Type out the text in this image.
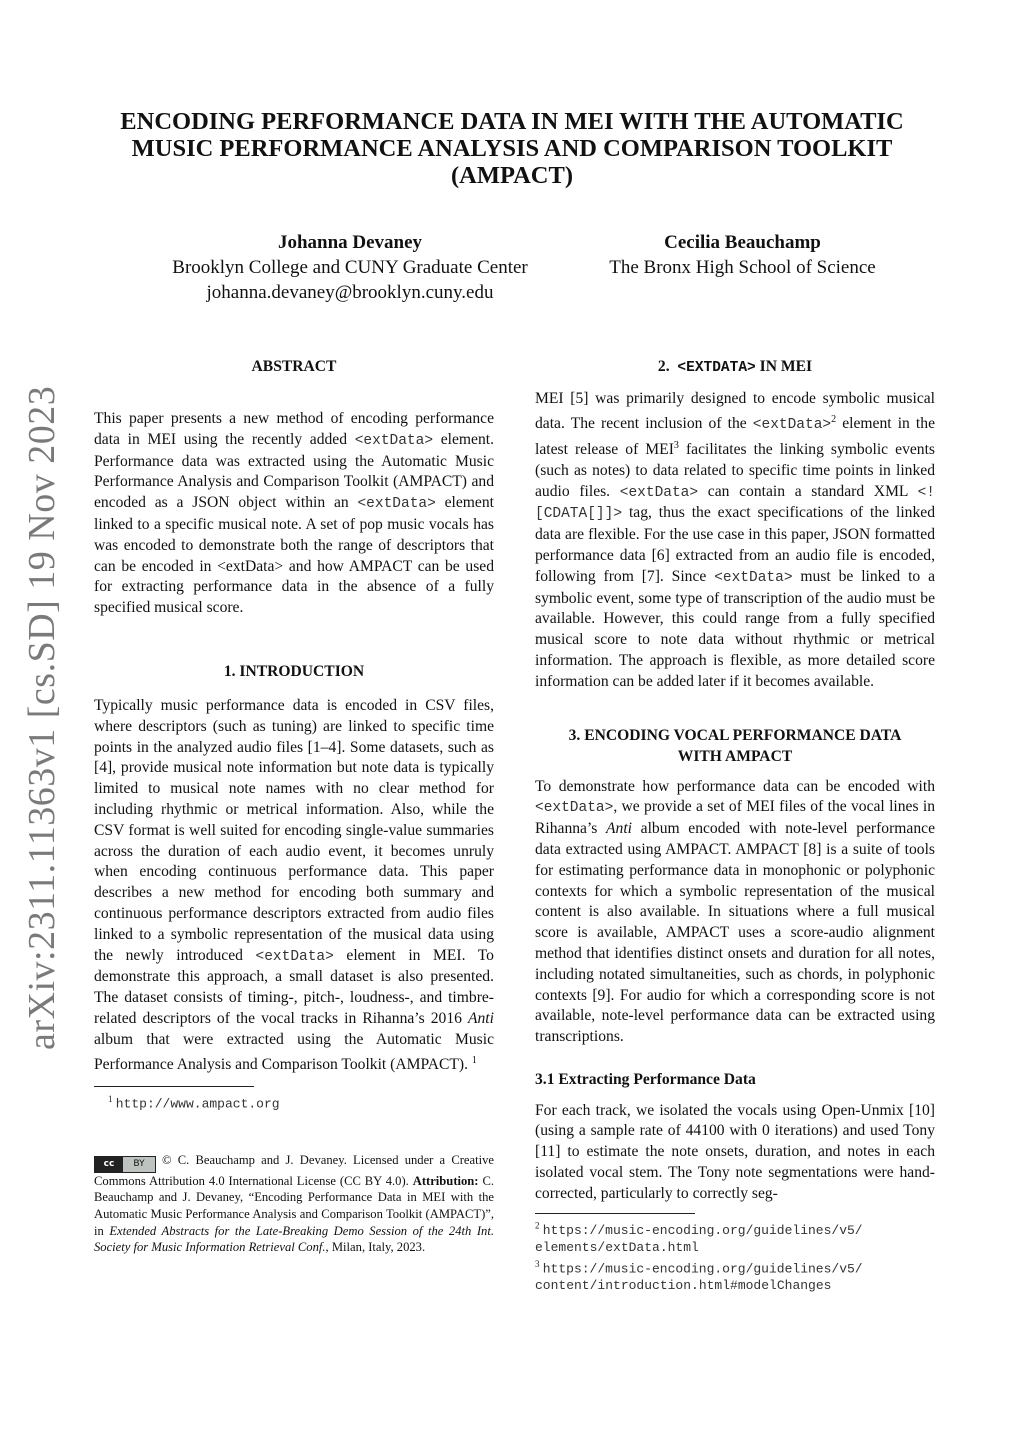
arXiv:2311.11363v1 [cs.SD] 19 Nov 2023
ENCODING PERFORMANCE DATA IN MEI WITH THE AUTOMATIC
MUSIC PERFORMANCE ANALYSIS AND COMPARISON TOOLKIT
(AMPACT)
Johanna Devaney
Brooklyn College and CUNY Graduate Center
johanna.devaney@brooklyn.cuny.edu
Cecilia Beauchamp
The Bronx High School of Science
ABSTRACT

This paper presents a new method of encoding performance data in MEI using the recently added <extData> element. Performance data was extracted using the Automatic Music Performance Analysis and Comparison Toolkit (AMPACT) and encoded as a JSON object within an <extData> element linked to a specific musical note. A set of pop music vocals has was encoded to demonstrate both the range of descriptors that can be encoded in <extData> and how AMPACT can be used for extracting performance data in the absence of a fully specified musical score.

1. INTRODUCTION

Typically music performance data is encoded in CSV files, where descriptors (such as tuning) are linked to specific time points in the analyzed audio files [1–4]. Some datasets, such as [4], provide musical note information but note data is typically limited to musical note names with no clear method for including rhythmic or metrical information. Also, while the CSV format is well suited for encoding single-value summaries across the duration of each audio event, it becomes unruly when encoding continuous performance data. This paper describes a new method for encoding both summary and continuous performance descriptors extracted from audio files linked to a symbolic representation of the musical data using the newly introduced <extData> element in MEI. To demonstrate this approach, a small dataset is also presented. The dataset consists of timing-, pitch-, loudness-, and timbre-related descriptors of the vocal tracks in Rihanna’s 2016 Anti album that were extracted using the Automatic Music Performance Analysis and Comparison Toolkit (AMPACT). $^1$

$^1$ http://www.ampact.org

cc	BY	© C. Beauchamp and J. Devaney. Licensed under a Creative Commons Attribution 4.0 International License (CC BY 4.0). Attribution: C. Beauchamp and J. Devaney, “Encoding Performance Data in MEI with the Automatic Music Performance Analysis and Comparison Toolkit (AMPACT)”, in Extended Abstracts for the Late-Breaking Demo Session of the 24th Int. Society for Music Information Retrieval Conf., Milan, Italy, 2023.

2. <EXTDATA> IN MEI

MEI [5] was primarily designed to encode symbolic musical data. The recent inclusion of the <extData>$^2$ element in the latest release of MEI$^3$ facilitates the linking symbolic events (such as notes) to data related to specific time points in linked audio files. <extData> can contain a standard XML <![CDATA[]]> tag, thus the exact specifications of the linked data are flexible. For the use case in this paper, JSON formatted performance data [6] extracted from an audio file is encoded, following from [7]. Since <extData> must be linked to a symbolic event, some type of transcription of the audio must be available. However, this could range from a fully specified musical score to note data without rhythmic or metrical information. The approach is flexible, as more detailed score information can be added later if it becomes available.

3. ENCODING VOCAL PERFORMANCE DATA
WITH AMPACT

To demonstrate how performance data can be encoded with <extData>, we provide a set of MEI files of the vocal lines in Rihanna’s Anti album encoded with note-level performance data extracted using AMPACT. AMPACT [8] is a suite of tools for estimating performance data in monophonic or polyphonic contexts for which a symbolic representation of the musical content is also available. In situations where a full musical score is available, AMPACT uses a score-audio alignment method that identifies distinct onsets and duration for all notes, including notated simultaneities, such as chords, in polyphonic contexts [9]. For audio for which a corresponding score is not available, note-level performance data can be extracted using transcriptions.

3.1 Extracting Performance Data

For each track, we isolated the vocals using Open-Unmix [10] (using a sample rate of 44100 with 0 iterations) and used Tony [11] to estimate the note onsets, duration, and notes in each isolated vocal stem. The Tony note segmentations were hand-corrected, particularly to correctly seg-

$^2$ https://music-encoding.org/guidelines/v5/
elements/extData.html
$^3$ https://music-encoding.org/guidelines/v5/
content/introduction.html#modelChanges
